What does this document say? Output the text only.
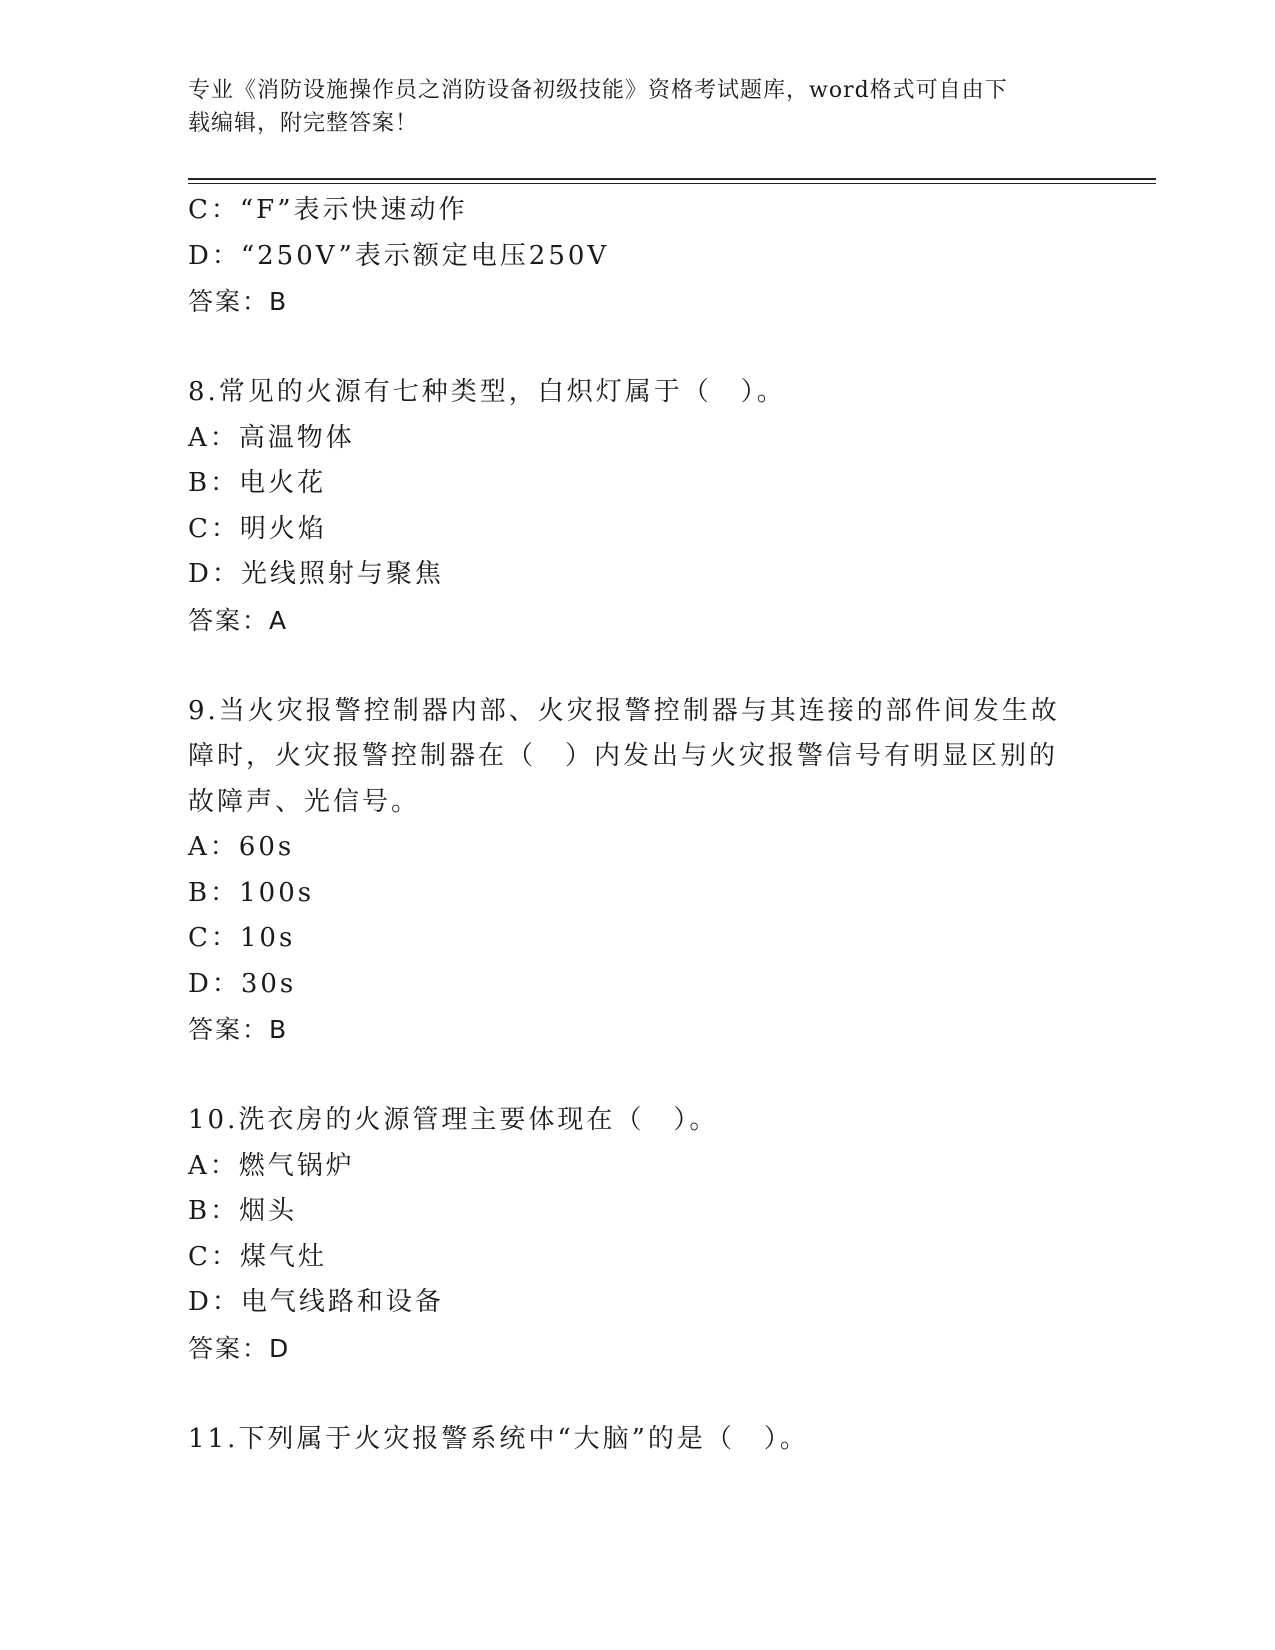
专业《消防设施操作员之消防设备初级技能》资格考试题库，word格式可自由下
载编辑，附完整答案！
C：“F”表示快速动作
D：“250V”表示额定电压250V
答案：B
8.常见的火源有七种类型，白炽灯属于（　）。
A：高温物体
B：电火花
C：明火焰
D：光线照射与聚焦
答案：A
9.当火灾报警控制器内部、火灾报警控制器与其连接的部件间发生故
障时，火灾报警控制器在（　）内发出与火灾报警信号有明显区别的
故障声、光信号。
A：60s
B：100s
C：10s
D：30s
答案：B
10.洗衣房的火源管理主要体现在（　）。
A：燃气锅炉
B：烟头
C：煤气灶
D：电气线路和设备
答案：D
11.下列属于火灾报警系统中“大脑”的是（　）。
